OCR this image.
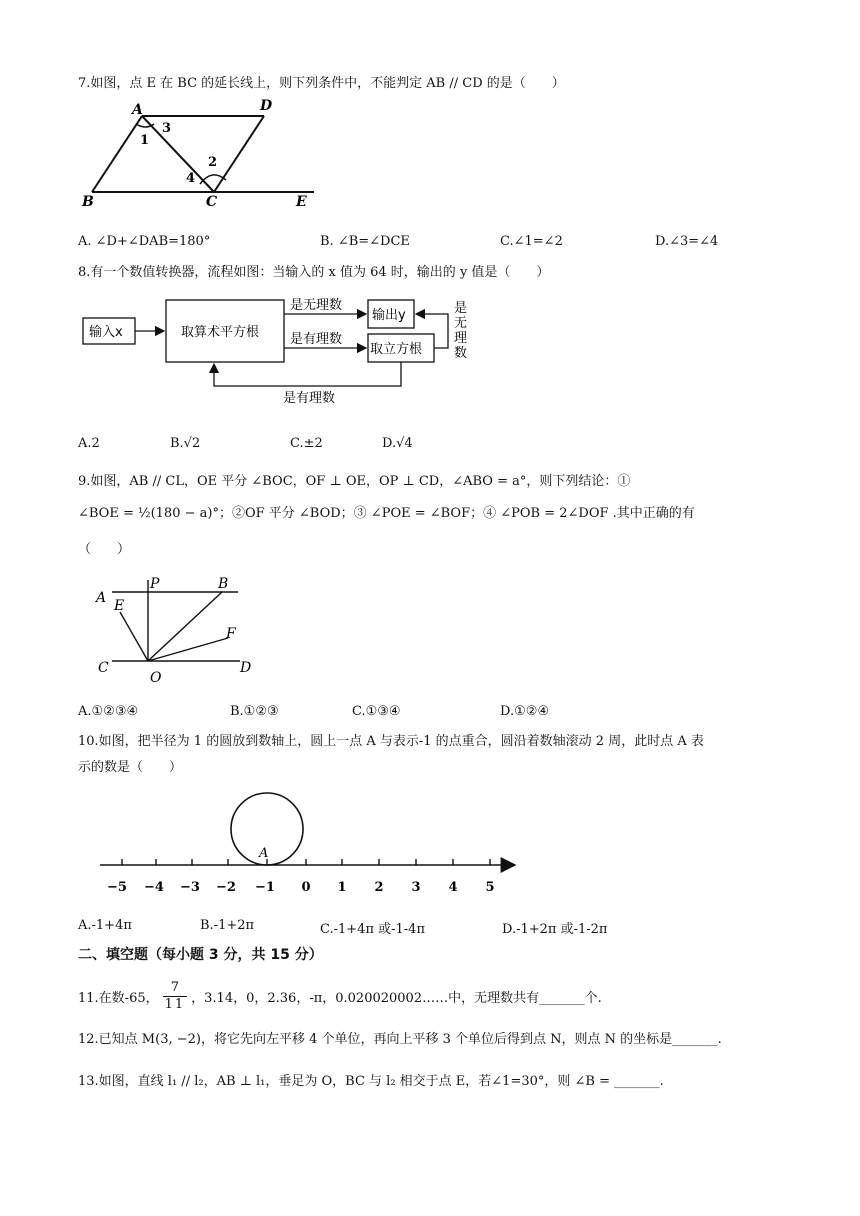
7.如图，点 E 在 BC 的延长线上，则下列条件中，不能判定 AB // CD 的是（　　）
A	D
B	C	E
1
2
3
4
A. ∠D+∠DAB=180°	B. ∠B=∠DCE	C.∠1=∠2	D.∠3=∠4
8.有一个数值转换器，流程如图：当输入的 x 值为 64 时，输出的 y 值是（　　）
输入x	取算术平方根
输出y
取立方根
是无理数
是有理数
是
无
理
数
是有理数
A.2	B.√2	C.±2	D.√4
9.如图，AB // CL，OE 平分 ∠BOC，OF ⊥ OE，OP ⊥ CD，∠ABO = a°，则下列结论：①
∠BOE = ½(180 − a)°；②OF 平分 ∠BOD；③ ∠POE = ∠BOF；④ ∠POB = 2∠DOF .其中正确的有
（　　）
A
P	B
E
F
C
O
D
A.①②③④	B.①②③	C.①③④	D.①②④
10.如图，把半径为 1 的圆放到数轴上，圆上一点 A 与表示-1 的点重合，圆沿着数轴滚动 2 周，此时点 A 表
示的数是（　　）
A
−5 −4 −3 −2 −1 0 1 2 3 4 5
A.-1+4π	B.-1+2π	C.-1+4π 或-1-4π	D.-1+2π 或-1-2π
二、填空题（每小题 3 分，共 15 分）
11.在数-65， $\frac{7}{11}$ ，3.14，0，2.36，-π，0.020020002……中，无理数共有_______个.
12.已知点 M(3, −2)，将它先向左平移 4 个单位，再向上平移 3 个单位后得到点 N，则点 N 的坐标是_______.
13.如图，直线 l₁ // l₂，AB ⊥ l₁，垂足为 O，BC 与 l₂ 相交于点 E，若∠1=30°，则 ∠B = _______.
